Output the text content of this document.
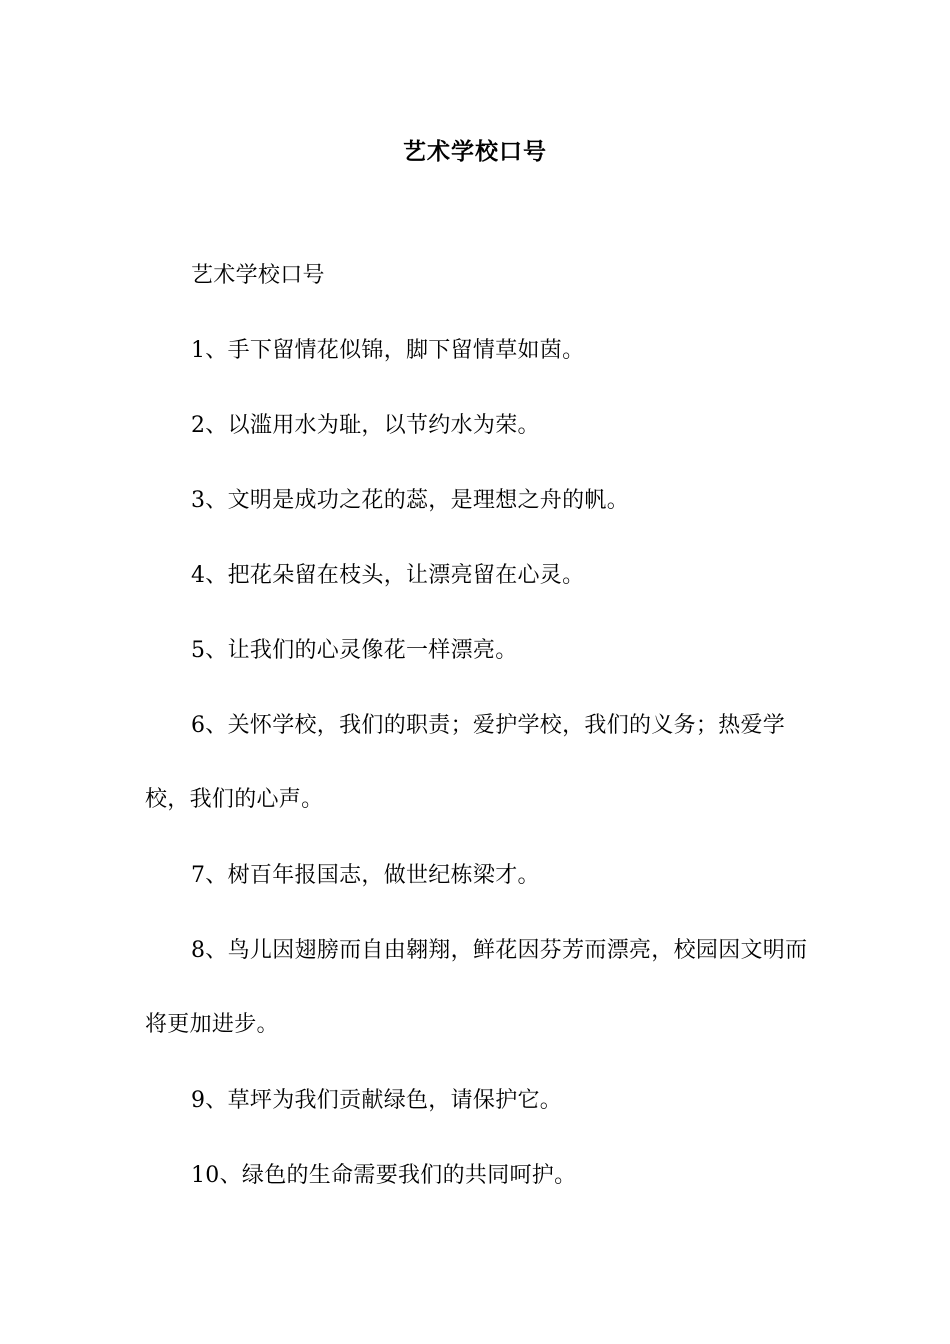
艺术学校口号

艺术学校口号

1、手下留情花似锦，脚下留情草如茵。

2、以滥用水为耻，以节约水为荣。

3、文明是成功之花的蕊，是理想之舟的帆。

4、把花朵留在枝头，让漂亮留在心灵。

5、让我们的心灵像花一样漂亮。

6、关怀学校，我们的职责；爱护学校，我们的义务；热爱学校，我们的心声。

7、树百年报国志，做世纪栋梁才。

8、鸟儿因翅膀而自由翱翔，鲜花因芬芳而漂亮，校园因文明而将更加进步。

9、草坪为我们贡献绿色，请保护它。

10、绿色的生命需要我们的共同呵护。
